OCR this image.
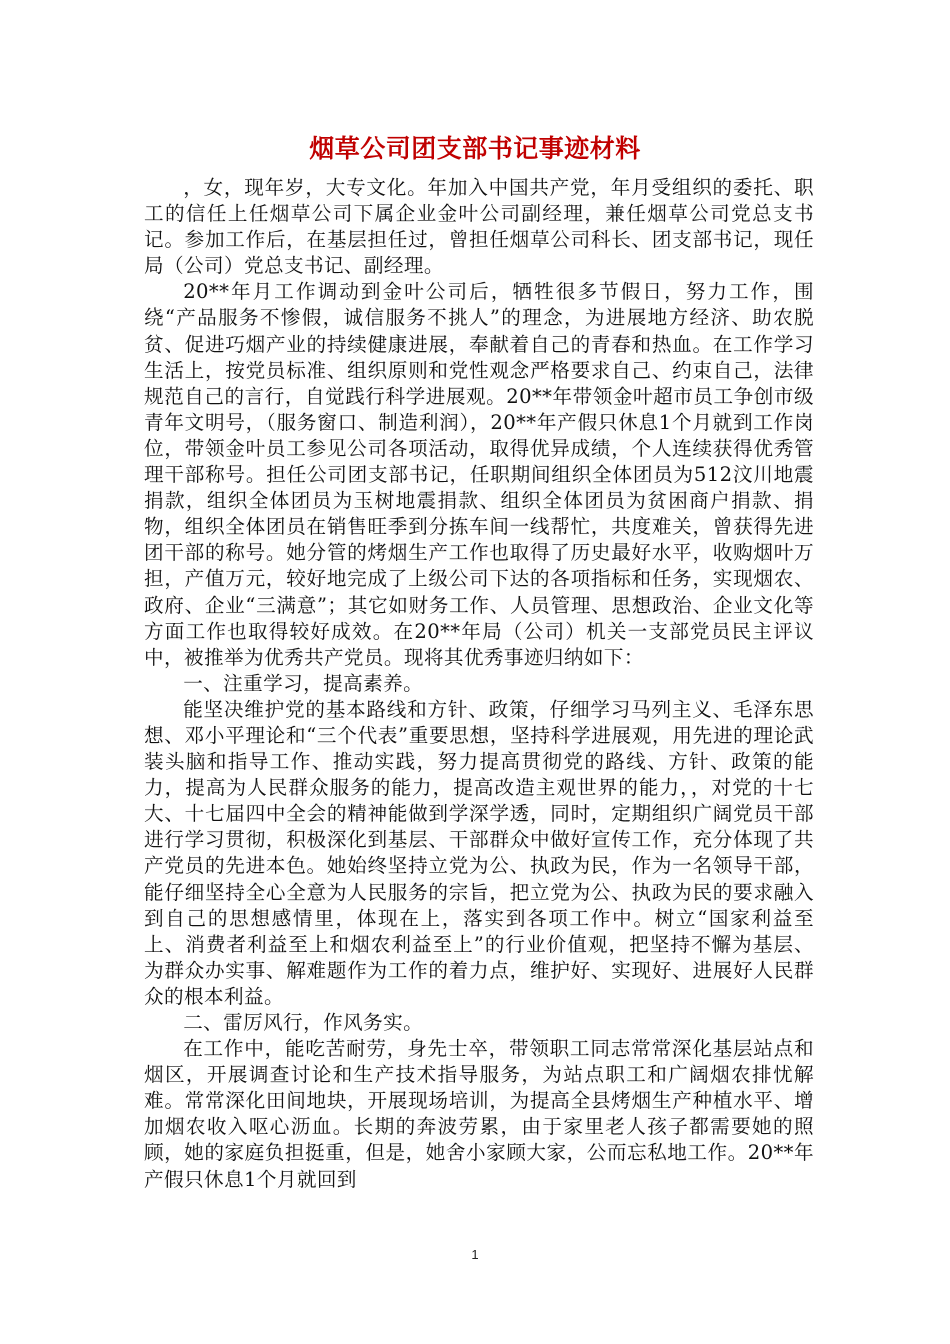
烟草公司团支部书记事迹材料

，女，现年岁，大专文化。年加入中国共产党，年月受组织的委托、职工的信任上任烟草公司下属企业金叶公司副经理，兼任烟草公司党总支书记。参加工作后，在基层担任过，曾担任烟草公司科长、团支部书记，现任局（公司）党总支书记、副经理。

20**年月工作调动到金叶公司后，牺牲很多节假日，努力工作，围绕“产品服务不惨假，诚信服务不挑人”的理念，为进展地方经济、助农脱贫、促进巧烟产业的持续健康进展，奉献着自己的青春和热血。在工作学习生活上，按党员标准、组织原则和党性观念严格要求自己、约束自己，法律规范自己的言行，自觉践行科学进展观。20**年带领金叶超市员工争创市级青年文明号，（服务窗口、制造利润），20**年产假只休息1个月就到工作岗位，带领金叶员工参见公司各项活动，取得优异成绩，个人连续获得优秀管理干部称号。担任公司团支部书记，任职期间组织全体团员为512汶川地震捐款，组织全体团员为玉树地震捐款、组织全体团员为贫困商户捐款、捐物，组织全体团员在销售旺季到分拣车间一线帮忙，共度难关，曾获得先进团干部的称号。她分管的烤烟生产工作也取得了历史最好水平，收购烟叶万担，产值万元，较好地完成了上级公司下达的各项指标和任务，实现烟农、政府、企业“三满意”；其它如财务工作、人员管理、思想政治、企业文化等方面工作也取得较好成效。在20**年局（公司）机关一支部党员民主评议中，被推举为优秀共产党员。现将其优秀事迹归纳如下：

一、注重学习，提高素养。

能坚决维护党的基本路线和方针、政策，仔细学习马列主义、毛泽东思想、邓小平理论和“三个代表”重要思想，坚持科学进展观，用先进的理论武装头脑和指导工作、推动实践，努力提高贯彻党的路线、方针、政策的能力，提高为人民群众服务的能力，提高改造主观世界的能力，，对党的十七大、十七届四中全会的精神能做到学深学透，同时，定期组织广阔党员干部进行学习贯彻，积极深化到基层、干部群众中做好宣传工作，充分体现了共产党员的先进本色。她始终坚持立党为公、执政为民，作为一名领导干部，能仔细坚持全心全意为人民服务的宗旨，把立党为公、执政为民的要求融入到自己的思想感情里，体现在上，落实到各项工作中。树立“国家利益至上、消费者利益至上和烟农利益至上”的行业价值观，把坚持不懈为基层、为群众办实事、解难题作为工作的着力点，维护好、实现好、进展好人民群众的根本利益。

二、雷厉风行，作风务实。

在工作中，能吃苦耐劳，身先士卒，带领职工同志常常深化基层站点和烟区，开展调查讨论和生产技术指导服务，为站点职工和广阔烟农排忧解难。常常深化田间地块，开展现场培训，为提高全县烤烟生产种植水平、增加烟农收入呕心沥血。长期的奔波劳累，由于家里老人孩子都需要她的照顾，她的家庭负担挺重，但是，她舍小家顾大家，公而忘私地工作。20**年产假只休息1个月就回到

1
